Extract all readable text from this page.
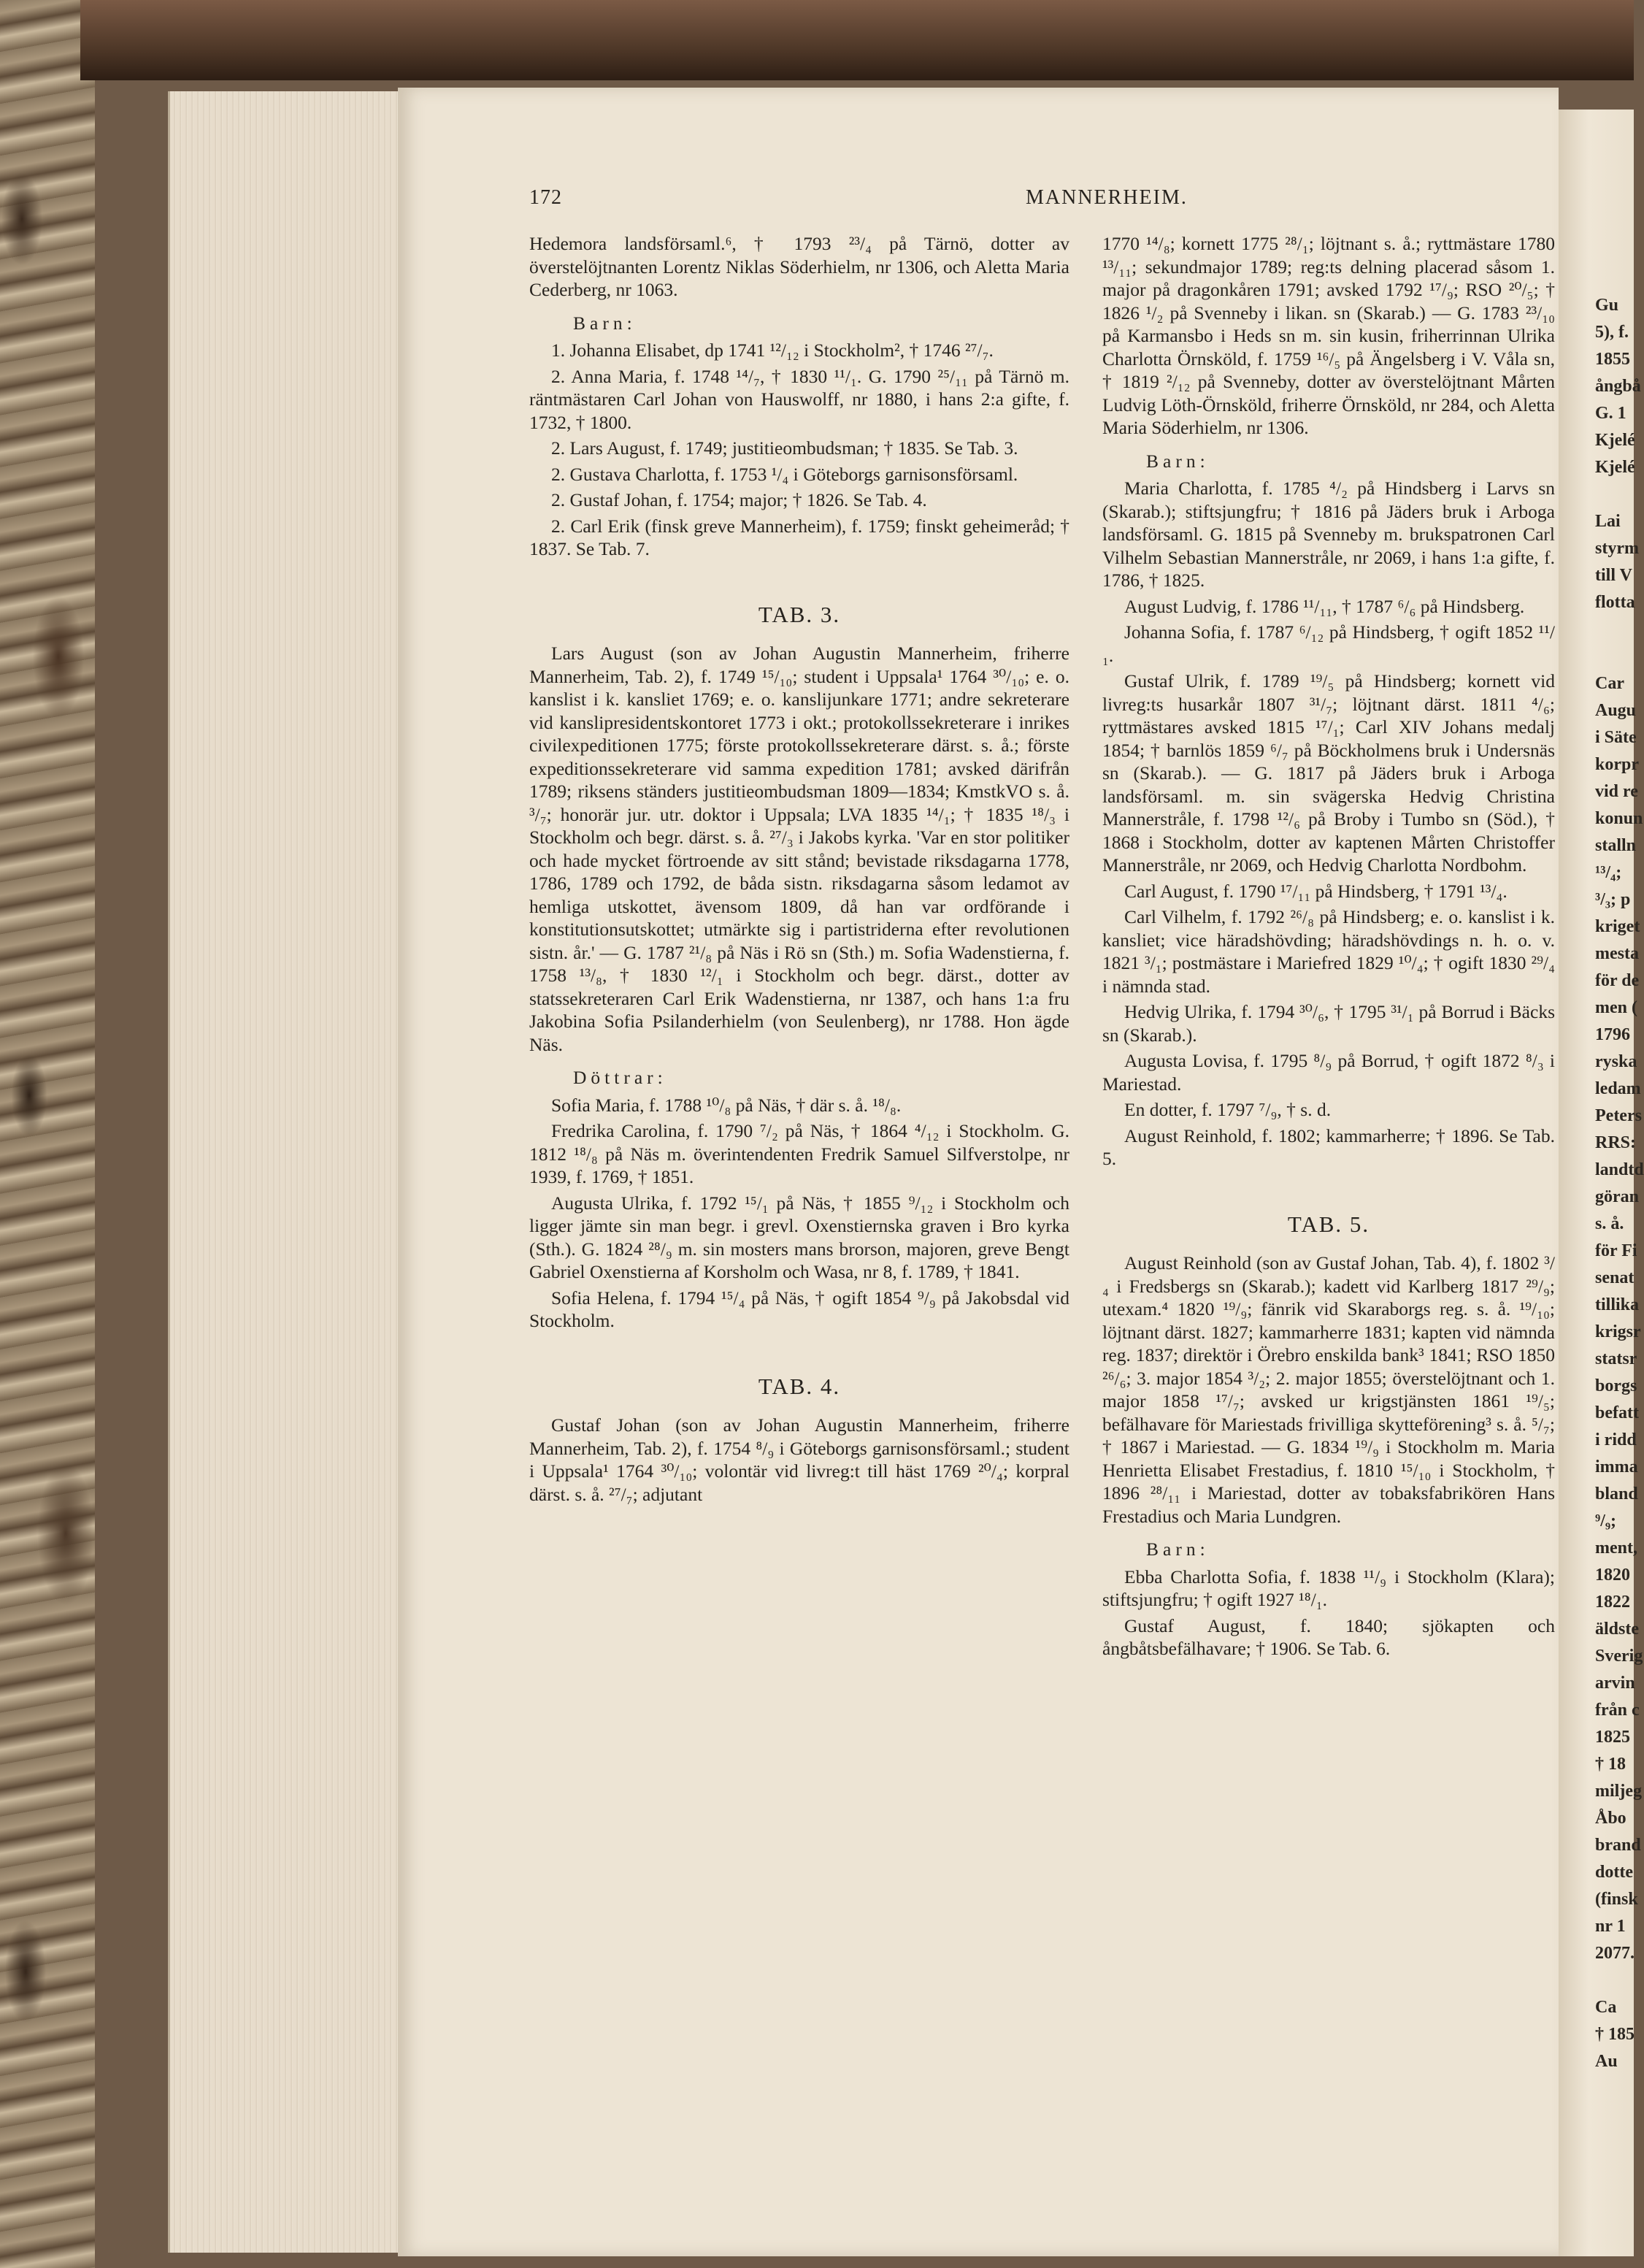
Gu
5), f.
1855
ångbå
G. 1
Kjelé
Kjelé

Lai
styrm
till V
flotta

Car
Augu
i Säte
korpr
vid re
konun
stalln
¹³/₄;
³/₃; p
kriget
mesta
för de
men (
1796
ryska
ledam
Peters
RRS:
landtd
göran
s. å.
för Fi
senat
tillika
krigsr
statsr
borgs
befatt
i ridd
imma
bland
⁹/₉;
ment,
1820
1822
äldste
Sverig
arvin
från c
1825
† 18
miljeg
Åbo
brand
dotte
(finsk
nr 1
2077.

Ca
† 185
Au
172	MANNERHEIM.

Hedemora landsförsaml.⁶, † 1793 ²³/₄ på Tärnö, dotter av överstelöjtnanten Lorentz Niklas Söderhielm, nr 1306, och Aletta Maria Cederberg, nr 1063.

Barn:

1. Johanna Elisabet, dp 1741 ¹²/₁₂ i Stockholm², † 1746 ²⁷/₇.

2. Anna Maria, f. 1748 ¹⁴/₇, † 1830 ¹¹/₁. G. 1790 ²⁵/₁₁ på Tärnö m. räntmästaren Carl Johan von Hauswolff, nr 1880, i hans 2:a gifte, f. 1732, † 1800.

2. Lars August, f. 1749; justitieombudsman; † 1835. Se Tab. 3.

2. Gustava Charlotta, f. 1753 ¹/₄ i Göteborgs garnisonsförsaml.

2. Gustaf Johan, f. 1754; major; † 1826. Se Tab. 4.

2. Carl Erik (finsk greve Mannerheim), f. 1759; finskt geheimeråd; † 1837. Se Tab. 7.

TAB. 3.

Lars August (son av Johan Augustin Mannerheim, friherre Mannerheim, Tab. 2), f. 1749 ¹⁵/₁₀; student i Uppsala¹ 1764 ³⁰/₁₀; e. o. kanslist i k. kansliet 1769; e. o. kanslijunkare 1771; andre sekreterare vid kanslipresidentskontoret 1773 i okt.; protokollssekreterare i inrikes civilexpeditionen 1775; förste protokollssekreterare därst. s. å.; förste expeditionssekreterare vid samma expedition 1781; avsked därifrån 1789; riksens ständers justitieombudsman 1809—1834; KmstkVO s. å. ³/₇; honorär jur. utr. doktor i Uppsala; LVA 1835 ¹⁴/₁; † 1835 ¹⁸/₃ i Stockholm och begr. därst. s. å. ²⁷/₃ i Jakobs kyrka. 'Var en stor politiker och hade mycket förtroende av sitt stånd; bevistade riksdagarna 1778, 1786, 1789 och 1792, de båda sistn. riksdagarna såsom ledamot av hemliga utskottet, ävensom 1809, då han var ordförande i konstitutionsutskottet; utmärkte sig i partistriderna efter revolutionen sistn. år.' — G. 1787 ²¹/₈ på Näs i Rö sn (Sth.) m. Sofia Wadenstierna, f. 1758 ¹³/₈, † 1830 ¹²/₁ i Stockholm och begr. därst., dotter av statssekreteraren Carl Erik Wadenstierna, nr 1387, och hans 1:a fru Jakobina Sofia Psilanderhielm (von Seulenberg), nr 1788. Hon ägde Näs.

Döttrar:

Sofia Maria, f. 1788 ¹⁰/₈ på Näs, † där s. å. ¹⁸/₈.

Fredrika Carolina, f. 1790 ⁷/₂ på Näs, † 1864 ⁴/₁₂ i Stockholm. G. 1812 ¹⁸/₈ på Näs m. överintendenten Fredrik Samuel Silfverstolpe, nr 1939, f. 1769, † 1851.

Augusta Ulrika, f. 1792 ¹⁵/₁ på Näs, † 1855 ⁹/₁₂ i Stockholm och ligger jämte sin man begr. i grevl. Oxenstiernska graven i Bro kyrka (Sth.). G. 1824 ²⁸/₉ m. sin mosters mans brorson, majoren, greve Bengt Gabriel Oxenstierna af Korsholm och Wasa, nr 8, f. 1789, † 1841.

Sofia Helena, f. 1794 ¹⁵/₄ på Näs, † ogift 1854 ⁹/₉ på Jakobsdal vid Stockholm.

TAB. 4.

Gustaf Johan (son av Johan Augustin Mannerheim, friherre Mannerheim, Tab. 2), f. 1754 ⁸/₉ i Göteborgs garnisonsförsaml.; student i Uppsala¹ 1764 ³⁰/₁₀; volontär vid livreg:t till häst 1769 ²⁰/₄; korpral därst. s. å. ²⁷/₇; adjutant

1770 ¹⁴/₈; kornett 1775 ²⁸/₁; löjtnant s. å.; ryttmästare 1780 ¹³/₁₁; sekundmajor 1789; reg:ts delning placerad såsom 1. major på dragonkåren 1791; avsked 1792 ¹⁷/₉; RSO ²⁰/₅; † 1826 ¹/₂ på Svenneby i likan. sn (Skarab.) — G. 1783 ²³/₁₀ på Karmansbo i Heds sn m. sin kusin, friherrinnan Ulrika Charlotta Örnsköld, f. 1759 ¹⁶/₅ på Ängelsberg i V. Våla sn, † 1819 ²/₁₂ på Svenneby, dotter av överstelöjtnant Mårten Ludvig Löth-Örnsköld, friherre Örnsköld, nr 284, och Aletta Maria Söderhielm, nr 1306.

Barn:

Maria Charlotta, f. 1785 ⁴/₂ på Hindsberg i Larvs sn (Skarab.); stiftsjungfru; † 1816 på Jäders bruk i Arboga landsförsaml. G. 1815 på Svenneby m. brukspatronen Carl Vilhelm Sebastian Mannerstråle, nr 2069, i hans 1:a gifte, f. 1786, † 1825.

August Ludvig, f. 1786 ¹¹/₁₁, † 1787 ⁶/₆ på Hindsberg.

Johanna Sofia, f. 1787 ⁶/₁₂ på Hindsberg, † ogift 1852 ¹¹/₁.

Gustaf Ulrik, f. 1789 ¹⁹/₅ på Hindsberg; kornett vid livreg:ts husarkår 1807 ³¹/₇; löjtnant därst. 1811 ⁴/₆; ryttmästares avsked 1815 ¹⁷/₁; Carl XIV Johans medalj 1854; † barnlös 1859 ⁶/₇ på Böckholmens bruk i Undersnäs sn (Skarab.). — G. 1817 på Jäders bruk i Arboga landsförsaml. m. sin svägerska Hedvig Christina Mannerstråle, f. 1798 ¹²/₆ på Broby i Tumbo sn (Söd.), † 1868 i Stockholm, dotter av kaptenen Mårten Christoffer Mannerstråle, nr 2069, och Hedvig Charlotta Nordbohm.

Carl August, f. 1790 ¹⁷/₁₁ på Hindsberg, † 1791 ¹³/₄.

Carl Vilhelm, f. 1792 ²⁶/₈ på Hindsberg; e. o. kanslist i k. kansliet; vice häradshövding; häradshövdings n. h. o. v. 1821 ³/₁; postmästare i Mariefred 1829 ¹⁰/₄; † ogift 1830 ²⁹/₄ i nämnda stad.

Hedvig Ulrika, f. 1794 ³⁰/₆, † 1795 ³¹/₁ på Borrud i Bäcks sn (Skarab.).

Augusta Lovisa, f. 1795 ⁸/₉ på Borrud, † ogift 1872 ⁸/₃ i Mariestad.

En dotter, f. 1797 ⁷/₉, † s. d.

August Reinhold, f. 1802; kammarherre; † 1896. Se Tab. 5.

TAB. 5.

August Reinhold (son av Gustaf Johan, Tab. 4), f. 1802 ³/₄ i Fredsbergs sn (Skarab.); kadett vid Karlberg 1817 ²⁹/₉; utexam.⁴ 1820 ¹⁹/₉; fänrik vid Skaraborgs reg. s. å. ¹⁹/₁₀; löjtnant därst. 1827; kammarherre 1831; kapten vid nämnda reg. 1837; direktör i Örebro enskilda bank³ 1841; RSO 1850 ²⁶/₆; 3. major 1854 ³/₂; 2. major 1855; överstelöjtnant och 1. major 1858 ¹⁷/₇; avsked ur krigstjänsten 1861 ¹⁹/₅; befälhavare för Mariestads frivilliga skytteförening³ s. å. ⁵/₇; † 1867 i Mariestad. — G. 1834 ¹⁹/₉ i Stockholm m. Maria Henrietta Elisabet Frestadius, f. 1810 ¹⁵/₁₀ i Stockholm, † 1896 ²⁸/₁₁ i Mariestad, dotter av tobaksfabrikören Hans Frestadius och Maria Lundgren.

Barn:

Ebba Charlotta Sofia, f. 1838 ¹¹/₉ i Stockholm (Klara); stiftsjungfru; † ogift 1927 ¹⁸/₁.

Gustaf August, f. 1840; sjökapten och ångbåtsbefälhavare; † 1906. Se Tab. 6.
